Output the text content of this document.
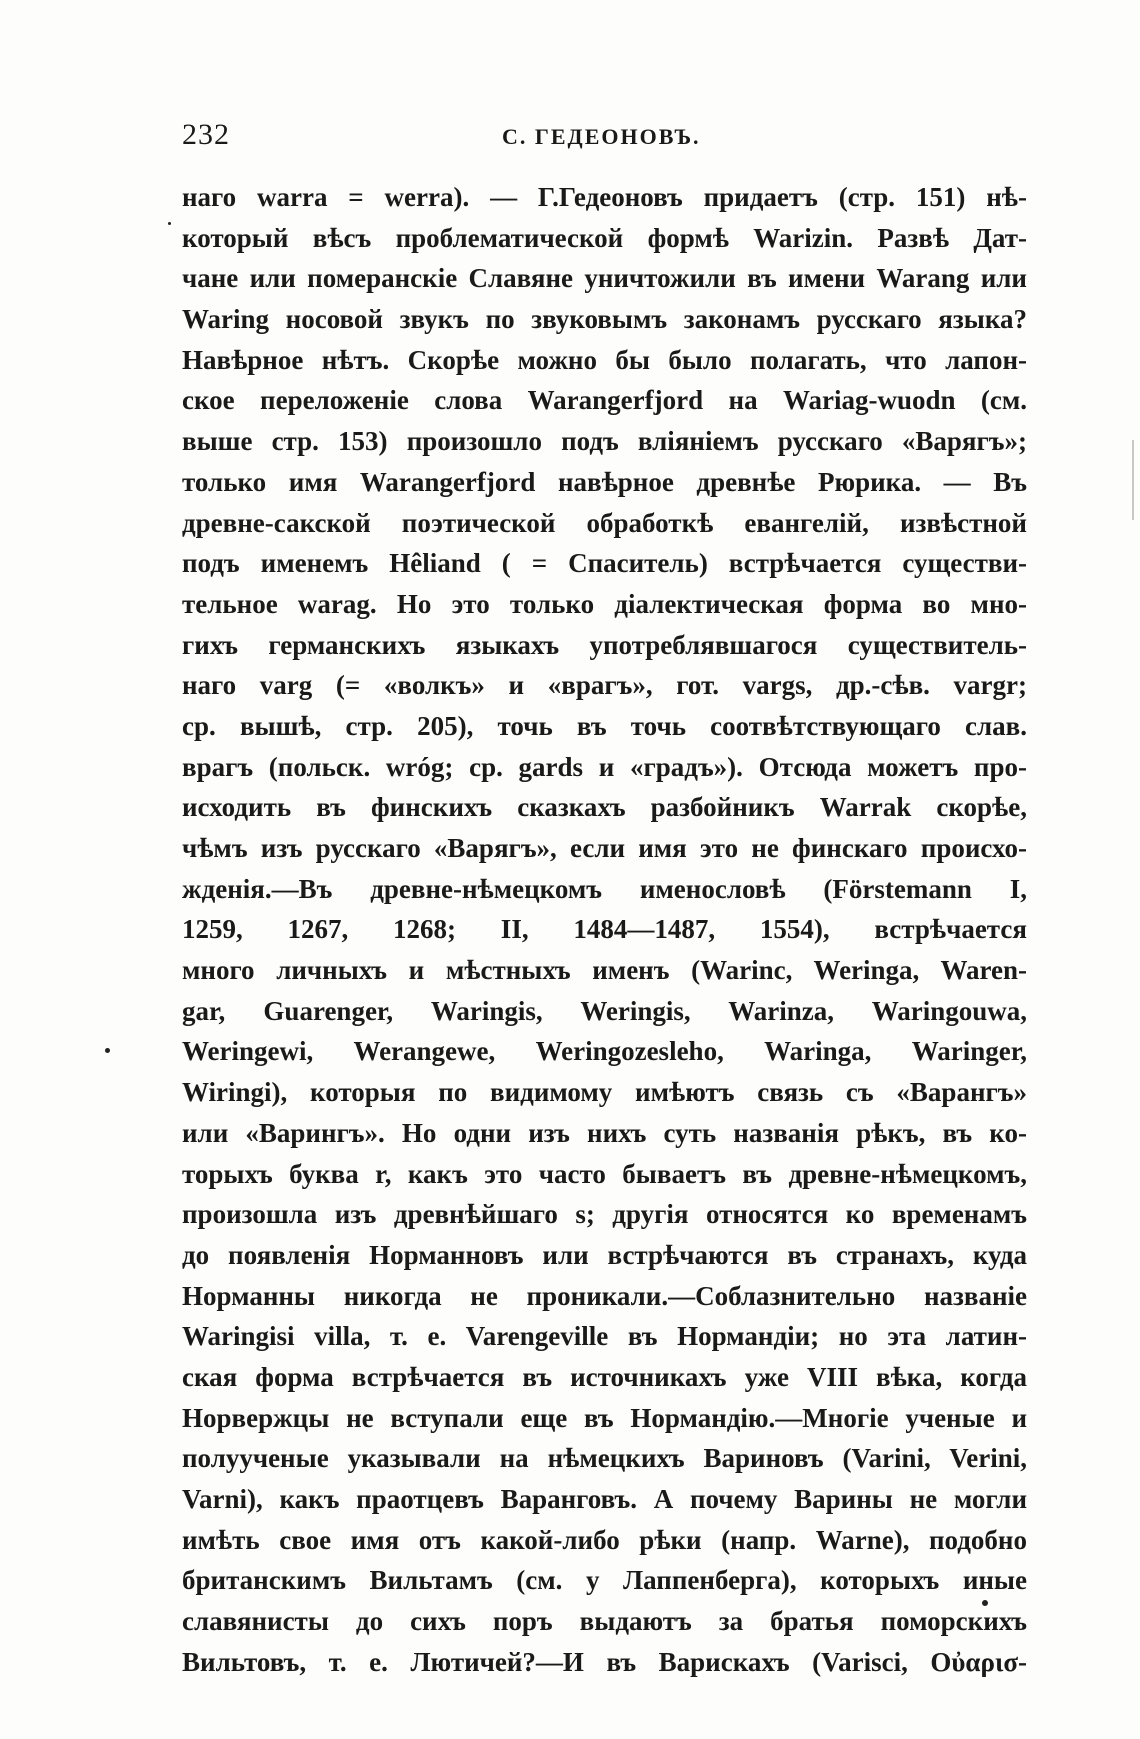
232	С. ГЕДЕОНОВЪ.
наго warra = werra). — Г.Гедеоновъ придаетъ (стр. 151) нѣ-
который вѣсъ проблематической формѣ Warizin. Развѣ Дат-
чане или померанскіе Славяне уничтожили въ имени Warang или
Waring носовой звукъ по звуковымъ законамъ русскаго языка?
Навѣрное нѣтъ. Скорѣе можно бы было полагать, что лапон-
ское переложеніе слова Warangerfjord на Wariag-wuodn (см.
выше стр. 153) произошло подъ вліяніемъ русскаго «Варягъ»;
только имя Warangerfjord навѣрное древнѣе Рюрика. — Въ
древне-сакской поэтической обработкѣ евангелій, извѣстной
подъ именемъ Hêliand ( = Спаситель) встрѣчается существи-
тельное warag. Но это только діалектическая форма во мно-
гихъ германскихъ языкахъ употреблявшагося существитель-
наго varg (= «волкъ» и «врагъ», гот. vargs, др.-сѣв. vargr;
ср. вышѣ, стр. 205), точь въ точь соотвѣтствующаго слав.
врагъ (польск. wróg; ср. gards и «градъ»). Отсюда можетъ про-
исходить въ финскихъ сказкахъ разбойникъ Warrak скорѣе,
чѣмъ изъ русскаго «Варягъ», если имя это не финскаго происхо-
жденія.—Въ древне-нѣмецкомъ именословѣ (Förstemann I,
1259, 1267, 1268; II, 1484—1487, 1554), встрѣчается
много личныхъ и мѣстныхъ именъ (Warinc, Weringa, Waren-
gar, Guarenger, Waringis, Weringis, Warinza, Waringouwa,
Weringewi, Werangewe, Weringozesleho, Waringa, Waringer,
Wiringi), которыя по видимому имѣютъ связь съ «Варангъ»
или «Варингъ». Но одни изъ нихъ суть названія рѣкъ, въ ко-
торыхъ буква r, какъ это часто бываетъ въ древне-нѣмецкомъ,
произошла изъ древнѣйшаго s; другія относятся ко временамъ
до появленія Норманновъ или встрѣчаются въ странахъ, куда
Норманны никогда не проникали.—Соблазнительно названіе
Waringisi villa, т. е. Varengeville въ Нормандіи; но эта латин-
ская форма встрѣчается въ источникахъ уже VIII вѣка, когда
Норвержцы не вступали еще въ Нормандію.—Многіе ученые и
полуученые указывали на нѣмецкихъ Вариновъ (Varini, Verini,
Varni), какъ праотцевъ Варанговъ. А почему Варины не могли
имѣть свое имя отъ какой-либо рѣки (напр. Warne), подобно
британскимъ Вильтамъ (см. у Лаппенберга), которыхъ иные
славянисты до сихъ поръ выдаютъ за братья поморскихъ
Вильтовъ, т. е. Лютичей?—И въ Варискахъ (Varisci, Οὐαρισ-
